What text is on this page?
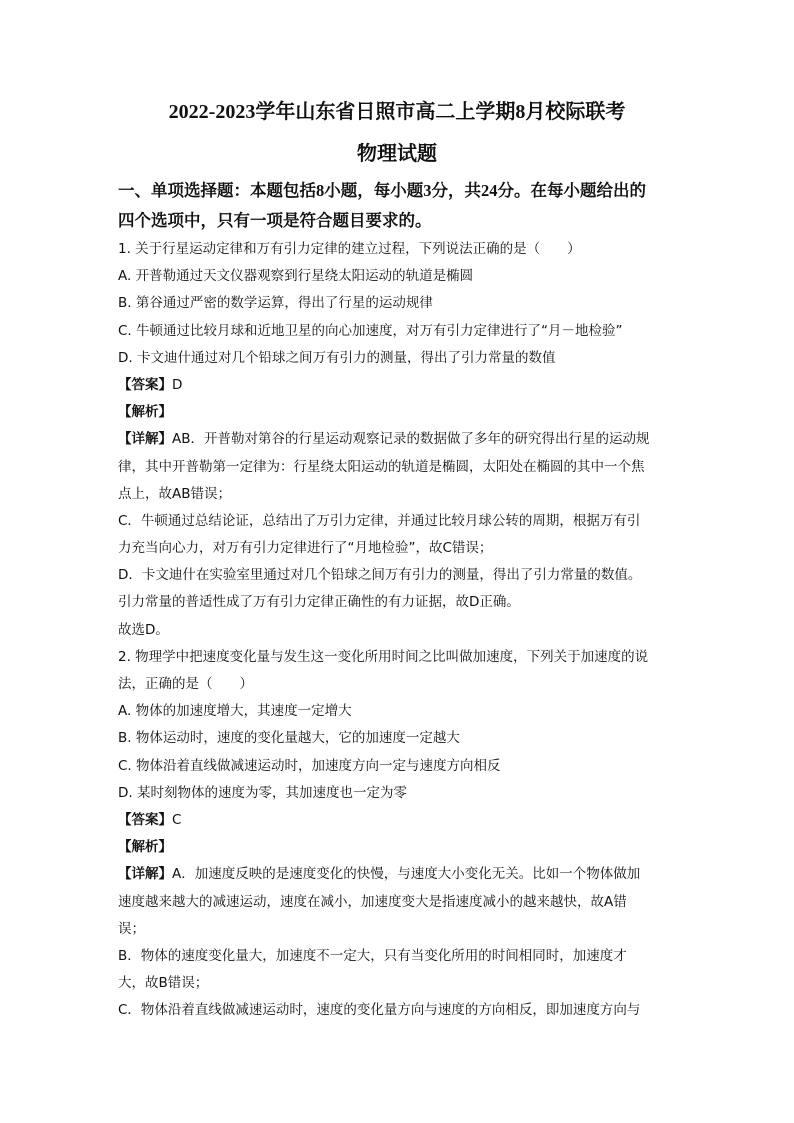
2022-2023学年山东省日照市高二上学期8月校际联考
物理试题
一、单项选择题：本题包括8小题，每小题3分，共24分。在每小题给出的
四个选项中，只有一项是符合题目要求的。
1. 关于行星运动定律和万有引力定律的建立过程，下列说法正确的是（　　）
A. 开普勒通过天文仪器观察到行星绕太阳运动的轨道是椭圆
B. 第谷通过严密的数学运算，得出了行星的运动规律
C. 牛顿通过比较月球和近地卫星的向心加速度，对万有引力定律进行了“月－地检验”
D. 卡文迪什通过对几个铅球之间万有引力的测量，得出了引力常量的数值
【答案】D
【解析】
【详解】AB．开普勒对第谷的行星运动观察记录的数据做了多年的研究得出行星的运动规
律，其中开普勒第一定律为：行星绕太阳运动的轨道是椭圆，太阳处在椭圆的其中一个焦
点上，故AB错误；
C．牛顿通过总结论证，总结出了万引力定律，并通过比较月球公转的周期，根据万有引
力充当向心力，对万有引力定律进行了“月地检验”，故C错误；
D．卡文迪什在实验室里通过对几个铅球之间万有引力的测量，得出了引力常量的数值。
引力常量的普适性成了万有引力定律正确性的有力证据，故D正确。
故选D。
2. 物理学中把速度变化量与发生这一变化所用时间之比叫做加速度，下列关于加速度的说
法，正确的是（　　）
A. 物体的加速度增大，其速度一定增大
B. 物体运动时，速度的变化量越大，它的加速度一定越大
C. 物体沿着直线做减速运动时，加速度方向一定与速度方向相反
D. 某时刻物体的速度为零，其加速度也一定为零
【答案】C
【解析】
【详解】A．加速度反映的是速度变化的快慢，与速度大小变化无关。比如一个物体做加
速度越来越大的减速运动，速度在减小，加速度变大是指速度减小的越来越快，故A错
误；
B．物体的速度变化量大，加速度不一定大，只有当变化所用的时间相同时，加速度才
大，故B错误；
C．物体沿着直线做减速运动时，速度的变化量方向与速度的方向相反，即加速度方向与
